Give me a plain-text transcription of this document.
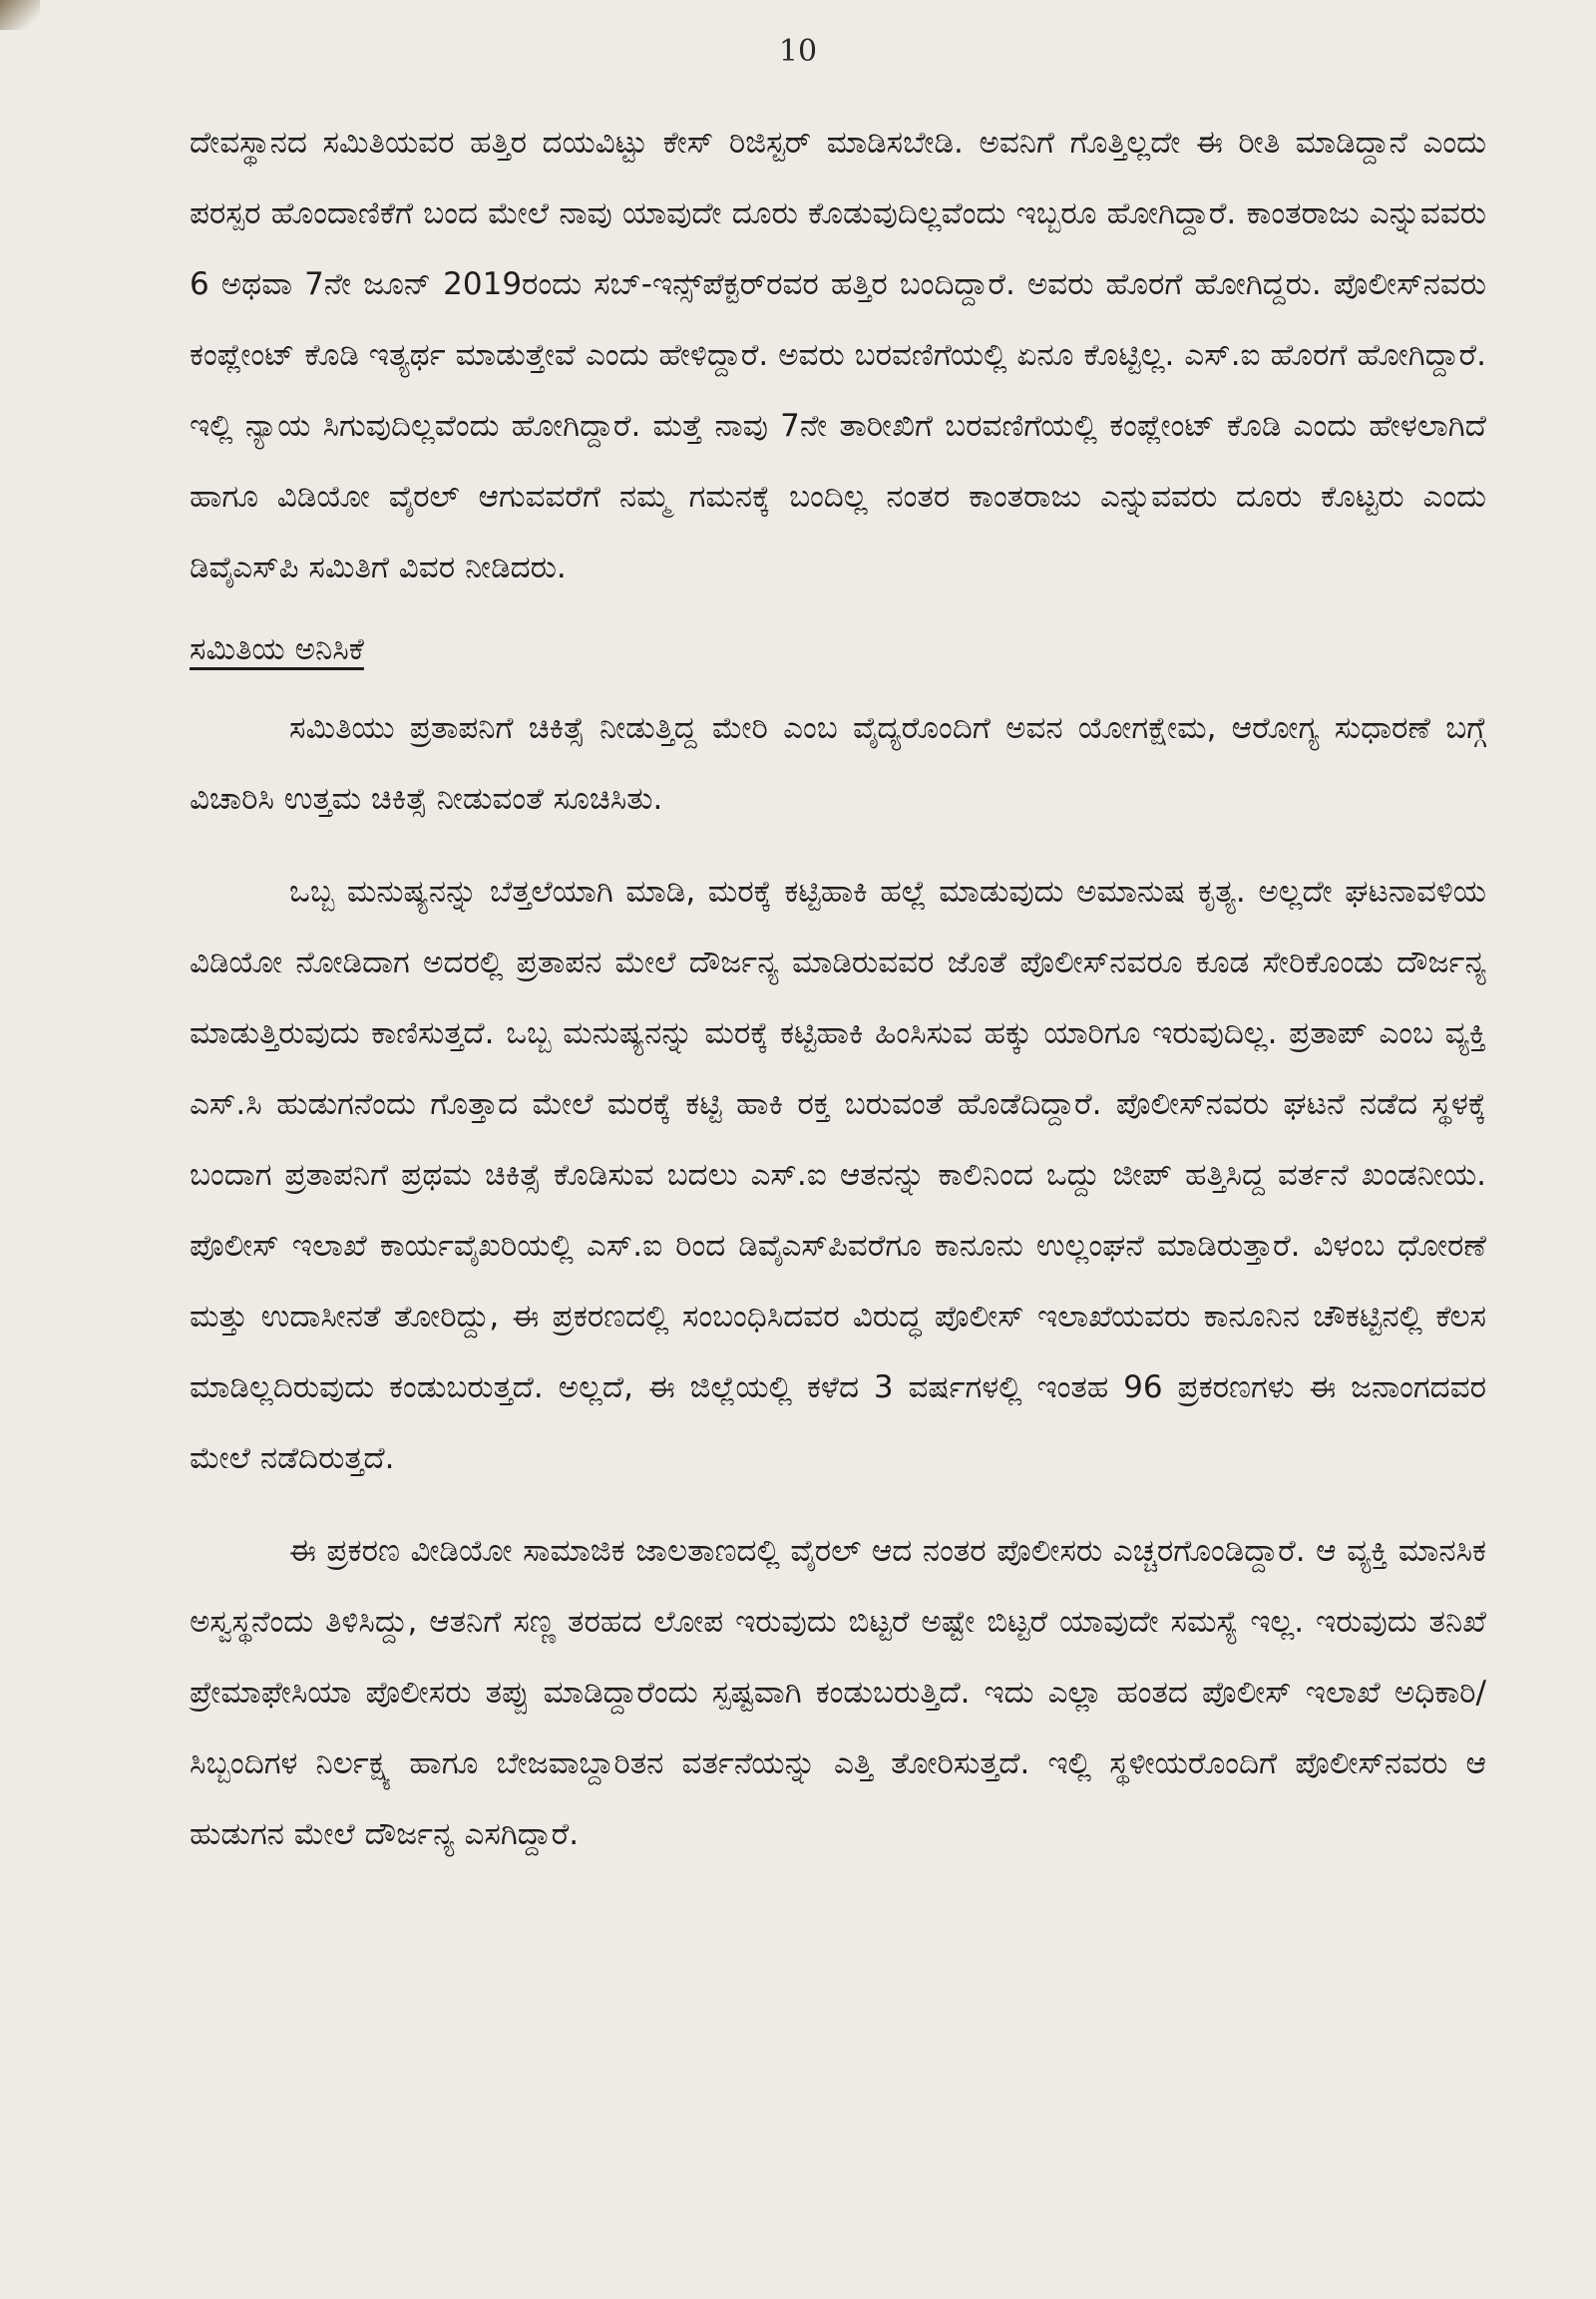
10

ದೇವಸ್ಥಾನದ ಸಮಿತಿಯವರ ಹತ್ತಿರ ದಯವಿಟ್ಟು ಕೇಸ್ ರಿಜಿಸ್ಟರ್ ಮಾಡಿಸಬೇಡಿ. ಅವನಿಗೆ ಗೊತ್ತಿಲ್ಲದೇ ಈ ರೀತಿ ಮಾಡಿದ್ದಾನೆ ಎಂದು ಪರಸ್ಪರ ಹೊಂದಾಣಿಕೆಗೆ ಬಂದ ಮೇಲೆ ನಾವು ಯಾವುದೇ ದೂರು ಕೊಡುವುದಿಲ್ಲವೆಂದು ಇಬ್ಬರೂ ಹೋಗಿದ್ದಾರೆ. ಕಾಂತರಾಜು ಎನ್ನುವವರು 6 ಅಥವಾ 7ನೇ ಜೂನ್ 2019ರಂದು ಸಬ್-ಇನ್ಸ್‌ಪೆಕ್ಟರ್‌ರವರ ಹತ್ತಿರ ಬಂದಿದ್ದಾರೆ. ಅವರು ಹೊರಗೆ ಹೋಗಿದ್ದರು. ಪೊಲೀಸ್‌ನವರು ಕಂಪ್ಲೇಂಟ್ ಕೊಡಿ ಇತ್ಯರ್ಥ ಮಾಡುತ್ತೇವೆ ಎಂದು ಹೇಳಿದ್ದಾರೆ. ಅವರು ಬರವಣಿಗೆಯಲ್ಲಿ ಏನೂ ಕೊಟ್ಟಿಲ್ಲ. ಎಸ್.ಐ ಹೊರಗೆ ಹೋಗಿದ್ದಾರೆ. ಇಲ್ಲಿ ನ್ಯಾಯ ಸಿಗುವುದಿಲ್ಲವೆಂದು ಹೋಗಿದ್ದಾರೆ. ಮತ್ತೆ ನಾವು 7ನೇ ತಾರೀಖಿಗೆ ಬರವಣಿಗೆಯಲ್ಲಿ ಕಂಪ್ಲೇಂಟ್ ಕೊಡಿ ಎಂದು ಹೇಳಲಾಗಿದೆ ಹಾಗೂ ವಿಡಿಯೋ ವೈರಲ್ ಆಗುವವರೆಗೆ ನಮ್ಮ ಗಮನಕ್ಕೆ ಬಂದಿಲ್ಲ ನಂತರ ಕಾಂತರಾಜು ಎನ್ನುವವರು ದೂರು ಕೊಟ್ಟರು ಎಂದು ಡಿವೈಎಸ್‌ಪಿ ಸಮಿತಿಗೆ ವಿವರ ನೀಡಿದರು.

ಸಮಿತಿಯ ಅನಿಸಿಕೆ

ಸಮಿತಿಯು ಪ್ರತಾಪನಿಗೆ ಚಿಕಿತ್ಸೆ ನೀಡುತ್ತಿದ್ದ ಮೇರಿ ಎಂಬ ವೈದ್ಯರೊಂದಿಗೆ ಅವನ ಯೋಗಕ್ಷೇಮ, ಆರೋಗ್ಯ ಸುಧಾರಣೆ ಬಗ್ಗೆ ವಿಚಾರಿಸಿ ಉತ್ತಮ ಚಿಕಿತ್ಸೆ ನೀಡುವಂತೆ ಸೂಚಿಸಿತು.

ಒಬ್ಬ ಮನುಷ್ಯನನ್ನು ಬೆತ್ತಲೆಯಾಗಿ ಮಾಡಿ, ಮರಕ್ಕೆ ಕಟ್ಟಿಹಾಕಿ ಹಲ್ಲೆ ಮಾಡುವುದು ಅಮಾನುಷ ಕೃತ್ಯ. ಅಲ್ಲದೇ ಘಟನಾವಳಿಯ ವಿಡಿಯೋ ನೋಡಿದಾಗ ಅದರಲ್ಲಿ ಪ್ರತಾಪನ ಮೇಲೆ ದೌರ್ಜನ್ಯ ಮಾಡಿರುವವರ ಜೊತೆ ಪೊಲೀಸ್‌ನವರೂ ಕೂಡ ಸೇರಿಕೊಂಡು ದೌರ್ಜನ್ಯ ಮಾಡುತ್ತಿರುವುದು ಕಾಣಿಸುತ್ತದೆ. ಒಬ್ಬ ಮನುಷ್ಯನನ್ನು ಮರಕ್ಕೆ ಕಟ್ಟಿಹಾಕಿ ಹಿಂಸಿಸುವ ಹಕ್ಕು ಯಾರಿಗೂ ಇರುವುದಿಲ್ಲ. ಪ್ರತಾಪ್ ಎಂಬ ವ್ಯಕ್ತಿ ಎಸ್.ಸಿ ಹುಡುಗನೆಂದು ಗೊತ್ತಾದ ಮೇಲೆ ಮರಕ್ಕೆ ಕಟ್ಟಿ ಹಾಕಿ ರಕ್ತ ಬರುವಂತೆ ಹೊಡೆದಿದ್ದಾರೆ. ಪೊಲೀಸ್‌ನವರು ಘಟನೆ ನಡೆದ ಸ್ಥಳಕ್ಕೆ ಬಂದಾಗ ಪ್ರತಾಪನಿಗೆ ಪ್ರಥಮ ಚಿಕಿತ್ಸೆ ಕೊಡಿಸುವ ಬದಲು ಎಸ್.ಐ ಆತನನ್ನು ಕಾಲಿನಿಂದ ಒದ್ದು ಜೀಪ್ ಹತ್ತಿಸಿದ್ದ ವರ್ತನೆ ಖಂಡನೀಯ. ಪೊಲೀಸ್ ಇಲಾಖೆ ಕಾರ್ಯವೈಖರಿಯಲ್ಲಿ ಎಸ್.ಐ ರಿಂದ ಡಿವೈಎಸ್‌ಪಿವರೆಗೂ ಕಾನೂನು ಉಲ್ಲಂಘನೆ ಮಾಡಿರುತ್ತಾರೆ. ವಿಳಂಬ ಧೋರಣೆ ಮತ್ತು ಉದಾಸೀನತೆ ತೋರಿದ್ದು, ಈ ಪ್ರಕರಣದಲ್ಲಿ ಸಂಬಂಧಿಸಿದವರ ವಿರುದ್ಧ ಪೊಲೀಸ್ ಇಲಾಖೆಯವರು ಕಾನೂನಿನ ಚೌಕಟ್ಟಿನಲ್ಲಿ ಕೆಲಸ ಮಾಡಿಲ್ಲದಿರುವುದು ಕಂಡುಬರುತ್ತದೆ. ಅಲ್ಲದೆ, ಈ ಜಿಲ್ಲೆಯಲ್ಲಿ ಕಳೆದ 3 ವರ್ಷಗಳಲ್ಲಿ ಇಂತಹ 96 ಪ್ರಕರಣಗಳು ಈ ಜನಾಂಗದವರ ಮೇಲೆ ನಡೆದಿರುತ್ತದೆ.

ಈ ಪ್ರಕರಣ ವೀಡಿಯೋ ಸಾಮಾಜಿಕ ಜಾಲತಾಣದಲ್ಲಿ ವೈರಲ್ ಆದ ನಂತರ ಪೊಲೀಸರು ಎಚ್ಚರಗೊಂಡಿದ್ದಾರೆ. ಆ ವ್ಯಕ್ತಿ ಮಾನಸಿಕ ಅಸ್ವಸ್ಥನೆಂದು ತಿಳಿಸಿದ್ದು, ಆತನಿಗೆ ಸಣ್ಣ ತರಹದ ಲೋಪ ಇರುವುದು ಬಿಟ್ಟರೆ ಅಷ್ಟೇ ಬಿಟ್ಟರೆ ಯಾವುದೇ ಸಮಸ್ಯೆ ಇಲ್ಲ. ಇರುವುದು ತನಿಖೆ ಪ್ರೇಮಾಫೇಸಿಯಾ ಪೊಲೀಸರು ತಪ್ಪು ಮಾಡಿದ್ದಾರೆಂದು ಸ್ಪಷ್ಟವಾಗಿ ಕಂಡುಬರುತ್ತಿದೆ. ಇದು ಎಲ್ಲಾ ಹಂತದ ಪೊಲೀಸ್ ಇಲಾಖೆ ಅಧಿಕಾರಿ/ಸಿಬ್ಬಂದಿಗಳ ನಿರ್ಲಕ್ಷ್ಯ ಹಾಗೂ ಬೇಜವಾಬ್ದಾರಿತನ ವರ್ತನೆಯನ್ನು ಎತ್ತಿ ತೋರಿಸುತ್ತದೆ. ಇಲ್ಲಿ ಸ್ಥಳೀಯರೊಂದಿಗೆ ಪೊಲೀಸ್‌ನವರು ಆ ಹುಡುಗನ ಮೇಲೆ ದೌರ್ಜನ್ಯ ಎಸಗಿದ್ದಾರೆ.
